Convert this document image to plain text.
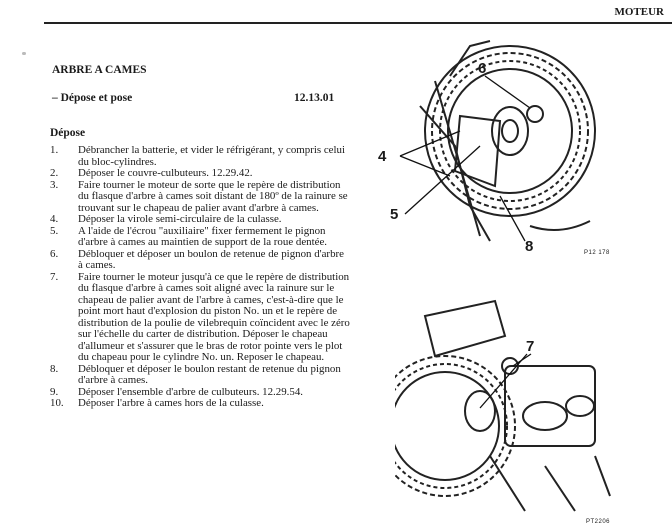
MOTEUR
ARBRE A CAMES
– Dépose et pose	12.13.01
Dépose
1.	Débrancher la batterie, et vider le réfrigérant, y compris celui du bloc-cylindres.
2.	Déposer le couvre-culbuteurs. 12.29.42.
3.	Faire tourner le moteur de sorte que le repère de distribution du flasque d'arbre à cames soit distant de 180º de la rainure se trouvant sur le chapeau de palier avant d'arbre à cames.
4.	Déposer la virole semi-circulaire de la culasse.
5.	A l'aide de l'écrou "auxiliaire" fixer fermement le pignon d'arbre à cames au maintien de support de la roue dentée.
6.	Débloquer et déposer un boulon de retenue de pignon d'arbre à cames.
7.	Faire tourner le moteur jusqu'à ce que le repère de distribution du flasque d'arbre à cames soit aligné avec la rainure sur le chapeau de palier avant de l'arbre à cames, c'est-à-dire que le point mort haut d'explosion du piston No. un et le repère de distribution de la poulie de vilebrequin coïncident avec le zéro sur l'échelle du carter de distribution. Déposer le chapeau d'allumeur et s'assurer que le bras de rotor pointe vers le plot du chapeau pour le cylindre No. un. Reposer le chapeau.
8.	Débloquer et déposer le boulon restant de retenue du pignon d'arbre à cames.
9.	Déposer l'ensemble d'arbre de culbuteurs. 12.29.54.
10.	Déposer l'arbre à cames hors de la culasse.
4
5
6
8	P12 178
7
PT2206
